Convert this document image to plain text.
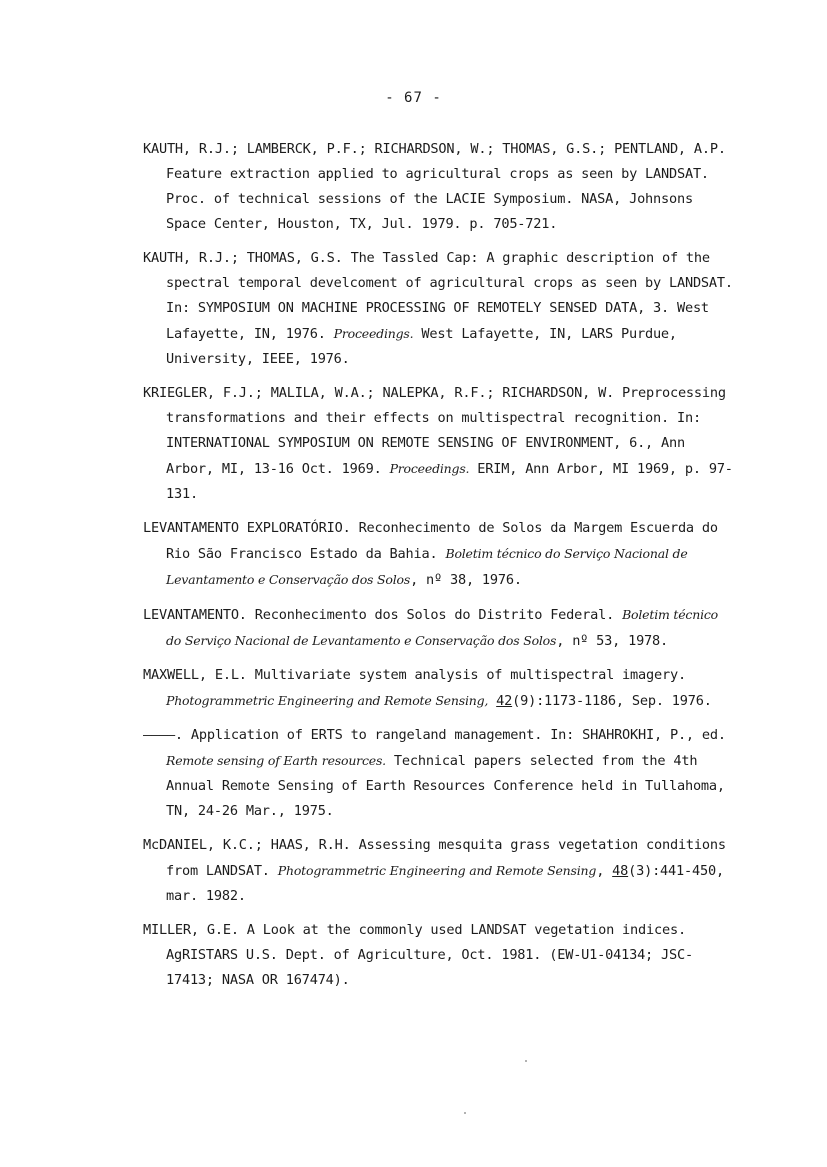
- 67 -

KAUTH, R.J.; LAMBERCK, P.F.; RICHARDSON, W.; THOMAS, G.S.; PENTLAND, A.P. Feature extraction applied to agricultural crops as seen by LANDSAT. Proc. of technical sessions of the LACIE Symposium. NASA, Johnsons Space Center, Houston, TX, Jul. 1979. p. 705-721.

KAUTH, R.J.; THOMAS, G.S. The Tassled Cap: A graphic description of the spectral temporal develcoment of agricultural crops as seen by LANDSAT. In: SYMPOSIUM ON MACHINE PROCESSING OF REMOTELY SENSED DATA, 3. West Lafayette, IN, 1976. Proceedings. West Lafayette, IN, LARS Purdue, University, IEEE, 1976.

KRIEGLER, F.J.; MALILA, W.A.; NALEPKA, R.F.; RICHARDSON, W. Preprocessing transformations and their effects on multispectral recognition. In: INTERNATIONAL SYMPOSIUM ON REMOTE SENSING OF ENVIRONMENT, 6., Ann Arbor, MI, 13-16 Oct. 1969. Proceedings. ERIM, Ann Arbor, MI 1969, p. 97-131.

LEVANTAMENTO EXPLORATÓRIO. Reconhecimento de Solos da Margem Escuerda do Rio São Francisco Estado da Bahia. Boletim técnico do Serviço Nacional de Levantamento e Conservação dos Solos, nº 38, 1976.

LEVANTAMENTO. Reconhecimento dos Solos do Distrito Federal. Boletim técnico do Serviço Nacional de Levantamento e Conservação dos Solos, nº 53, 1978.

MAXWELL, E.L. Multivariate system analysis of multispectral imagery. Photogrammetric Engineering and Remote Sensing, 42(9):1173-1186, Sep. 1976.

————. Application of ERTS to rangeland management. In: SHAHROKHI, P., ed. Remote sensing of Earth resources. Technical papers selected from the 4th Annual Remote Sensing of Earth Resources Conference held in Tullahoma, TN, 24-26 Mar., 1975.

McDANIEL, K.C.; HAAS, R.H. Assessing mesquita grass vegetation conditions from LANDSAT. Photogrammetric Engineering and Remote Sensing, 48(3):441-450, mar. 1982.

MILLER, G.E. A Look at the commonly used LANDSAT vegetation indices. AgRISTARS U.S. Dept. of Agriculture, Oct. 1981. (EW-U1-04134; JSC-17413; NASA OR 167474).
